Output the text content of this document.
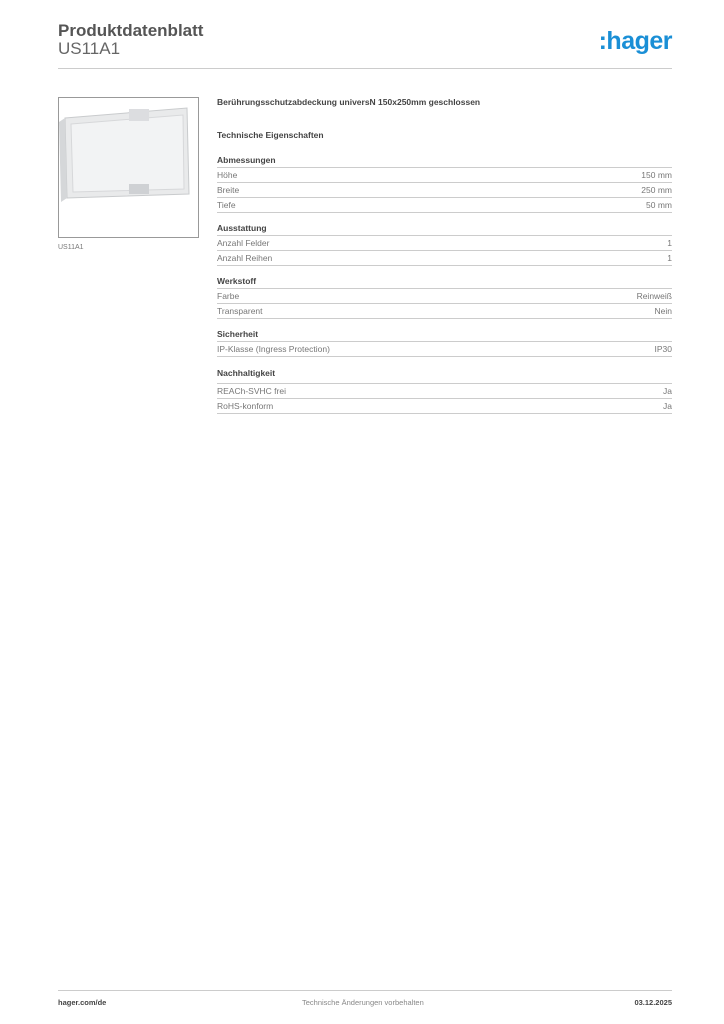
Produktdatenblatt
US11A1	:hager
US11A1
Berührungsschutzabdeckung universN 150x250mm geschlossen
Technische Eigenschaften
Abmessungen
Höhe	150 mm
Breite	250 mm
Tiefe	50 mm
Ausstattung
Anzahl Felder	1
Anzahl Reihen	1
Werkstoff
Farbe	Reinweiß
Transparent	Nein
Sicherheit
IP-Klasse (Ingress Protection)	IP30
Nachhaltigkeit
REACh-SVHC frei	Ja
RoHS-konform	Ja
hager.com/de	Technische Änderungen vorbehalten	03.12.2025
